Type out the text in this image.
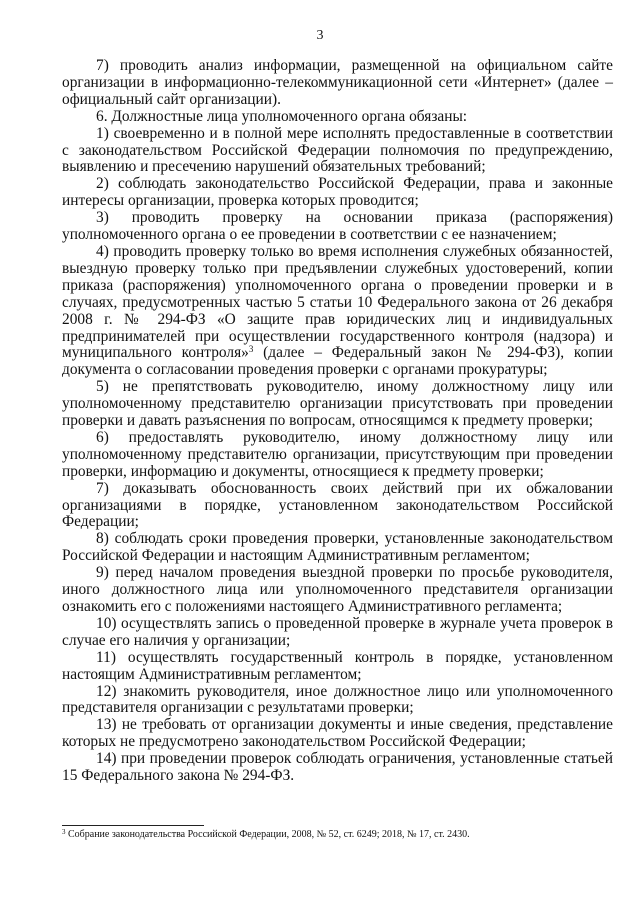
3

7) проводить анализ информации, размещенной на официальном сайте организации в информационно-телекоммуникационной сети «Интернет» (далее – официальный сайт организации).

6. Должностные лица уполномоченного органа обязаны:

1) своевременно и в полной мере исполнять предоставленные в соответствии с законодательством Российской Федерации полномочия по предупреждению, выявлению и пресечению нарушений обязательных требований;

2) соблюдать законодательство Российской Федерации, права и законные интересы организации, проверка которых проводится;

3) проводить проверку на основании приказа (распоряжения) уполномоченного органа о ее проведении в соответствии с ее назначением;

4) проводить проверку только во время исполнения служебных обязанностей, выездную проверку только при предъявлении служебных удостоверений, копии приказа (распоряжения) уполномоченного органа о проведении проверки и в случаях, предусмотренных частью 5 статьи 10 Федерального закона от 26 декабря 2008 г. № 294-ФЗ «О защите прав юридических лиц и индивидуальных предпринимателей при осуществлении государственного контроля (надзора) и муниципального контроля»$^3$ (далее – Федеральный закон № 294-ФЗ), копии документа о согласовании проведения проверки с органами прокуратуры;

5) не препятствовать руководителю, иному должностному лицу или уполномоченному представителю организации присутствовать при проведении проверки и давать разъяснения по вопросам, относящимся к предмету проверки;

6) предоставлять руководителю, иному должностному лицу или уполномоченному представителю организации, присутствующим при проведении проверки, информацию и документы, относящиеся к предмету проверки;

7) доказывать обоснованность своих действий при их обжаловании организациями в порядке, установленном законодательством Российской Федерации;

8) соблюдать сроки проведения проверки, установленные законодательством Российской Федерации и настоящим Административным регламентом;

9) перед началом проведения выездной проверки по просьбе руководителя, иного должностного лица или уполномоченного представителя организации ознакомить его с положениями настоящего Административного регламента;

10) осуществлять запись о проведенной проверке в журнале учета проверок в случае его наличия у организации;

11) осуществлять государственный контроль в порядке, установленном настоящим Административным регламентом;

12) знакомить руководителя, иное должностное лицо или уполномоченного представителя организации с результатами проверки;

13) не требовать от организации документы и иные сведения, представление которых не предусмотрено законодательством Российской Федерации;

14) при проведении проверок соблюдать ограничения, установленные статьей 15 Федерального закона № 294-ФЗ.

$^3$ Собрание законодательства Российской Федерации, 2008, № 52, ст. 6249; 2018, № 17, ст. 2430.
